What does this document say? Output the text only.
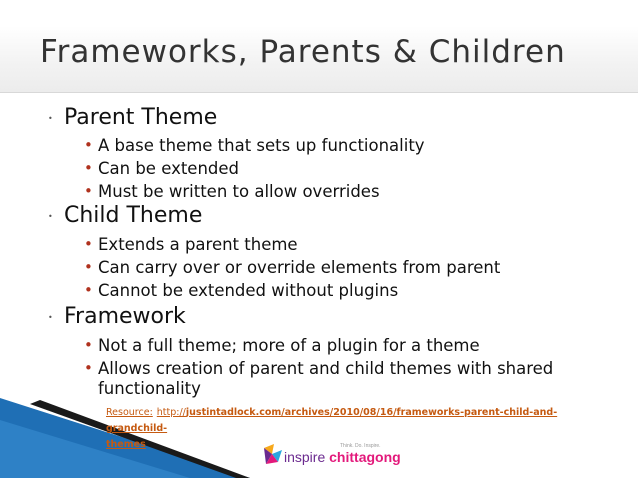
Frameworks, Parents & Children
• Parent Theme
• A base theme that sets up functionality
• Can be extended
• Must be written to allow overrides
• Child Theme
• Extends a parent theme
• Can carry over or override elements from parent
• Cannot be extended without plugins
• Framework
• Not a full theme; more of a plugin for a theme
• Allows creation of parent and child themes with shared
functionality
Resource: http://justintadlock.com/archives/2010/08/16/frameworks-parent-child-and-grandchild-
themes	Think. Do. Inspire.
inspire chittagong
